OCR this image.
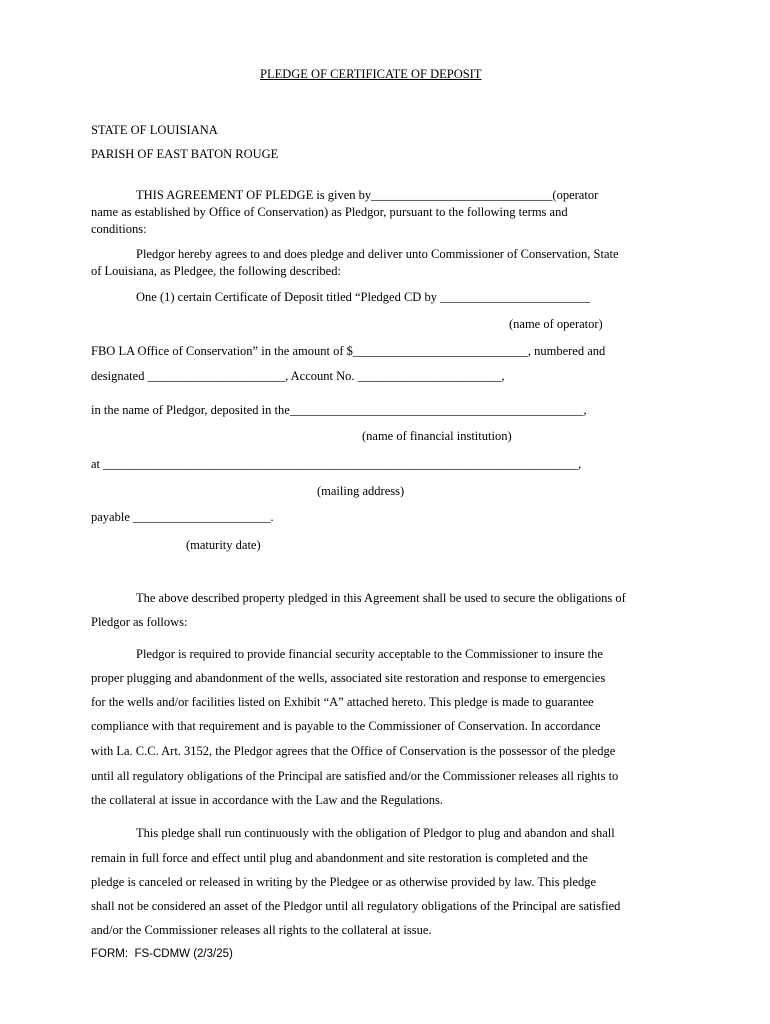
PLEDGE OF CERTIFICATE OF DEPOSIT
STATE OF LOUISIANA
PARISH OF EAST BATON ROUGE
THIS AGREEMENT OF PLEDGE is given by_____________________________(operator
name as established by Office of Conservation) as Pledgor, pursuant to the following terms and
conditions:
Pledgor hereby agrees to and does pledge and deliver unto Commissioner of Conservation, State
of Louisiana, as Pledgee, the following described:
One (1) certain Certificate of Deposit titled “Pledged CD by ________________________
(name of operator)
FBO LA Office of Conservation” in the amount of $____________________________, numbered and
designated ______________________, Account No. _______________________,
in the name of Pledgor, deposited in the_______________________________________________,
(name of financial institution)
at ____________________________________________________________________________,
(mailing address)
payable ______________________.
(maturity date)
The above described property pledged in this Agreement shall be used to secure the obligations of
Pledgor as follows:
Pledgor is required to provide financial security acceptable to the Commissioner to insure the
proper plugging and abandonment of the wells, associated site restoration and response to emergencies
for the wells and/or facilities listed on Exhibit “A” attached hereto. This pledge is made to guarantee
compliance with that requirement and is payable to the Commissioner of Conservation. In accordance
with La. C.C. Art. 3152, the Pledgor agrees that the Office of Conservation is the possessor of the pledge
until all regulatory obligations of the Principal are satisfied and/or the Commissioner releases all rights to
the collateral at issue in accordance with the Law and the Regulations.
This pledge shall run continuously with the obligation of Pledgor to plug and abandon and shall
remain in full force and effect until plug and abandonment and site restoration is completed and the
pledge is canceled or released in writing by the Pledgee or as otherwise provided by law. This pledge
shall not be considered an asset of the Pledgor until all regulatory obligations of the Principal are satisfied
and/or the Commissioner releases all rights to the collateral at issue.
FORM:  FS-CDMW (2/3/25)
